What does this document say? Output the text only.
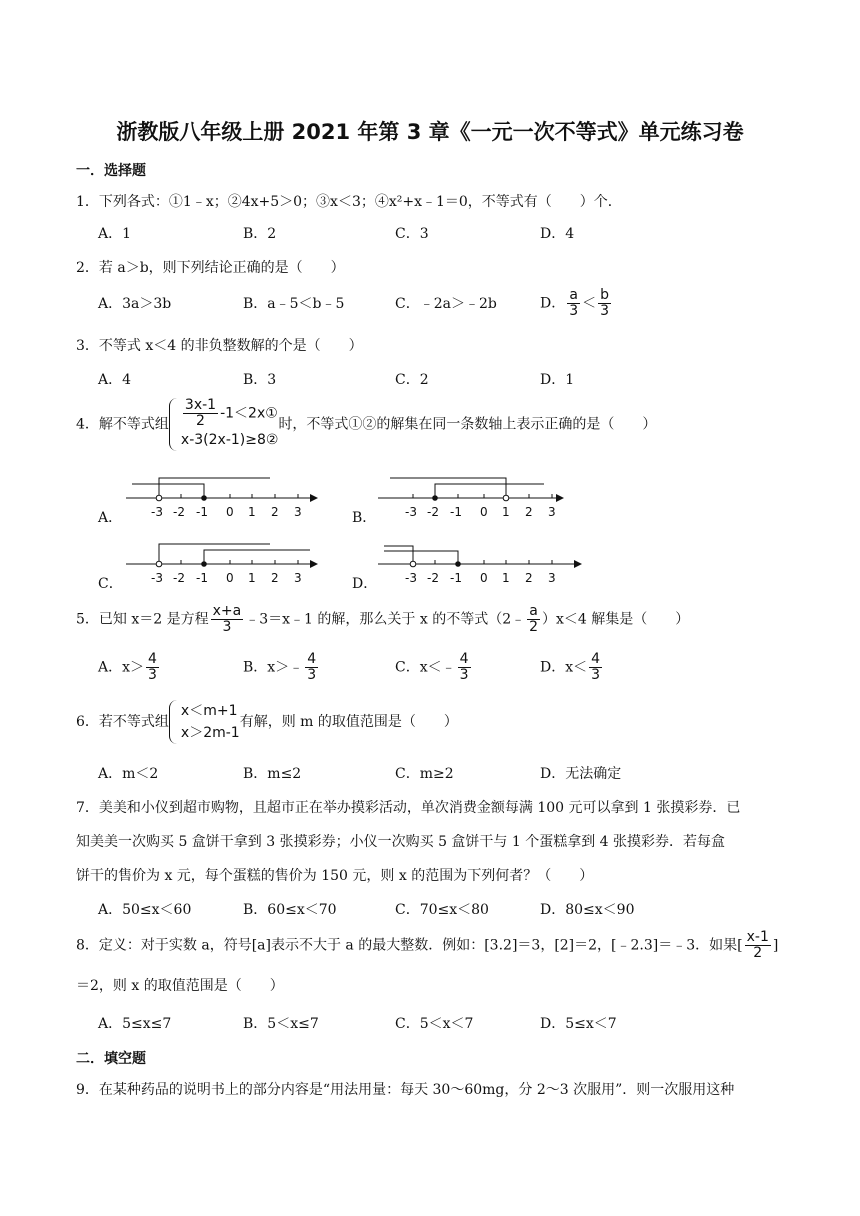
浙教版八年级上册 2021 年第 3 章《一元一次不等式》单元练习卷
一．选择题
1．下列各式：①1﹣x；②4x+5＞0；③x＜3；④x²+x﹣1＝0，不等式有（　　）个．
A．1	B．2	C．3	D．4
2．若 a＞b，则下列结论正确的是（　　）
A．3a＞3b	B．a﹣5＜b﹣5	C．﹣2a＞﹣2b	D． $\frac{a}{3} < \frac{b}{3}$
3．不等式 x＜4 的非负整数解的个是（　　）
A．4	B．3	C．2	D．1
4．解不等式组 $\frac{3x-1}{2}$ -1＜2x①
x-3(2x-1)≥8②
时，不等式①②的解集在同一条数轴上表示正确的是（　　）
A．	B．
C．	D．
-3 -2 -1 0 1 2 3	-3 -2 -1 0 1 2 3
-3 -2 -1 0 1 2 3	-3 -2 -1 0 1 2 3
5．已知 x＝2 是方程 $\frac{x+a}{3}$ ﹣3＝x﹣1 的解，那么关于 x 的不等式（2﹣ $\frac{a}{2} )x<4$ 解集是（　　）
A．$x> \frac{4}{3}$	B．x＞﹣ $\frac{4}{3}$	C．x＜﹣ $\frac{4}{3}$	D．$x< \frac{4}{3}$
6．若不等式组
x＜m+1
x＞2m-1
有解，则 m 的取值范围是（　　）
A．m＜2	B．m≤2	C．m≥2	D．无法确定
7．美美和小仪到超市购物，且超市正在举办摸彩活动，单次消费金额每满 100 元可以拿到 1 张摸彩券．已
知美美一次购买 5 盒饼干拿到 3 张摸彩券；小仪一次购买 5 盒饼干与 1 个蛋糕拿到 4 张摸彩券．若每盒
饼干的售价为 x 元，每个蛋糕的售价为 150 元，则 x 的范围为下列何者？（　　）
A．50≤x＜60	B．60≤x＜70	C．70≤x＜80	D．80≤x＜90
8．定义：对于实数 a，符号[a]表示不大于 a 的最大整数．例如：[3.2]＝3，[2]＝2，[﹣2.3]＝﹣3．如果[ $\frac{x-1}{2}$ ]
＝2，则 x 的取值范围是（　　）
A．5≤x≤7	B．5＜x≤7	C．5＜x＜7	D．5≤x＜7
二．填空题
9．在某种药品的说明书上的部分内容是“用法用量：每天 30～60mg，分 2～3 次服用”．则一次服用这种
